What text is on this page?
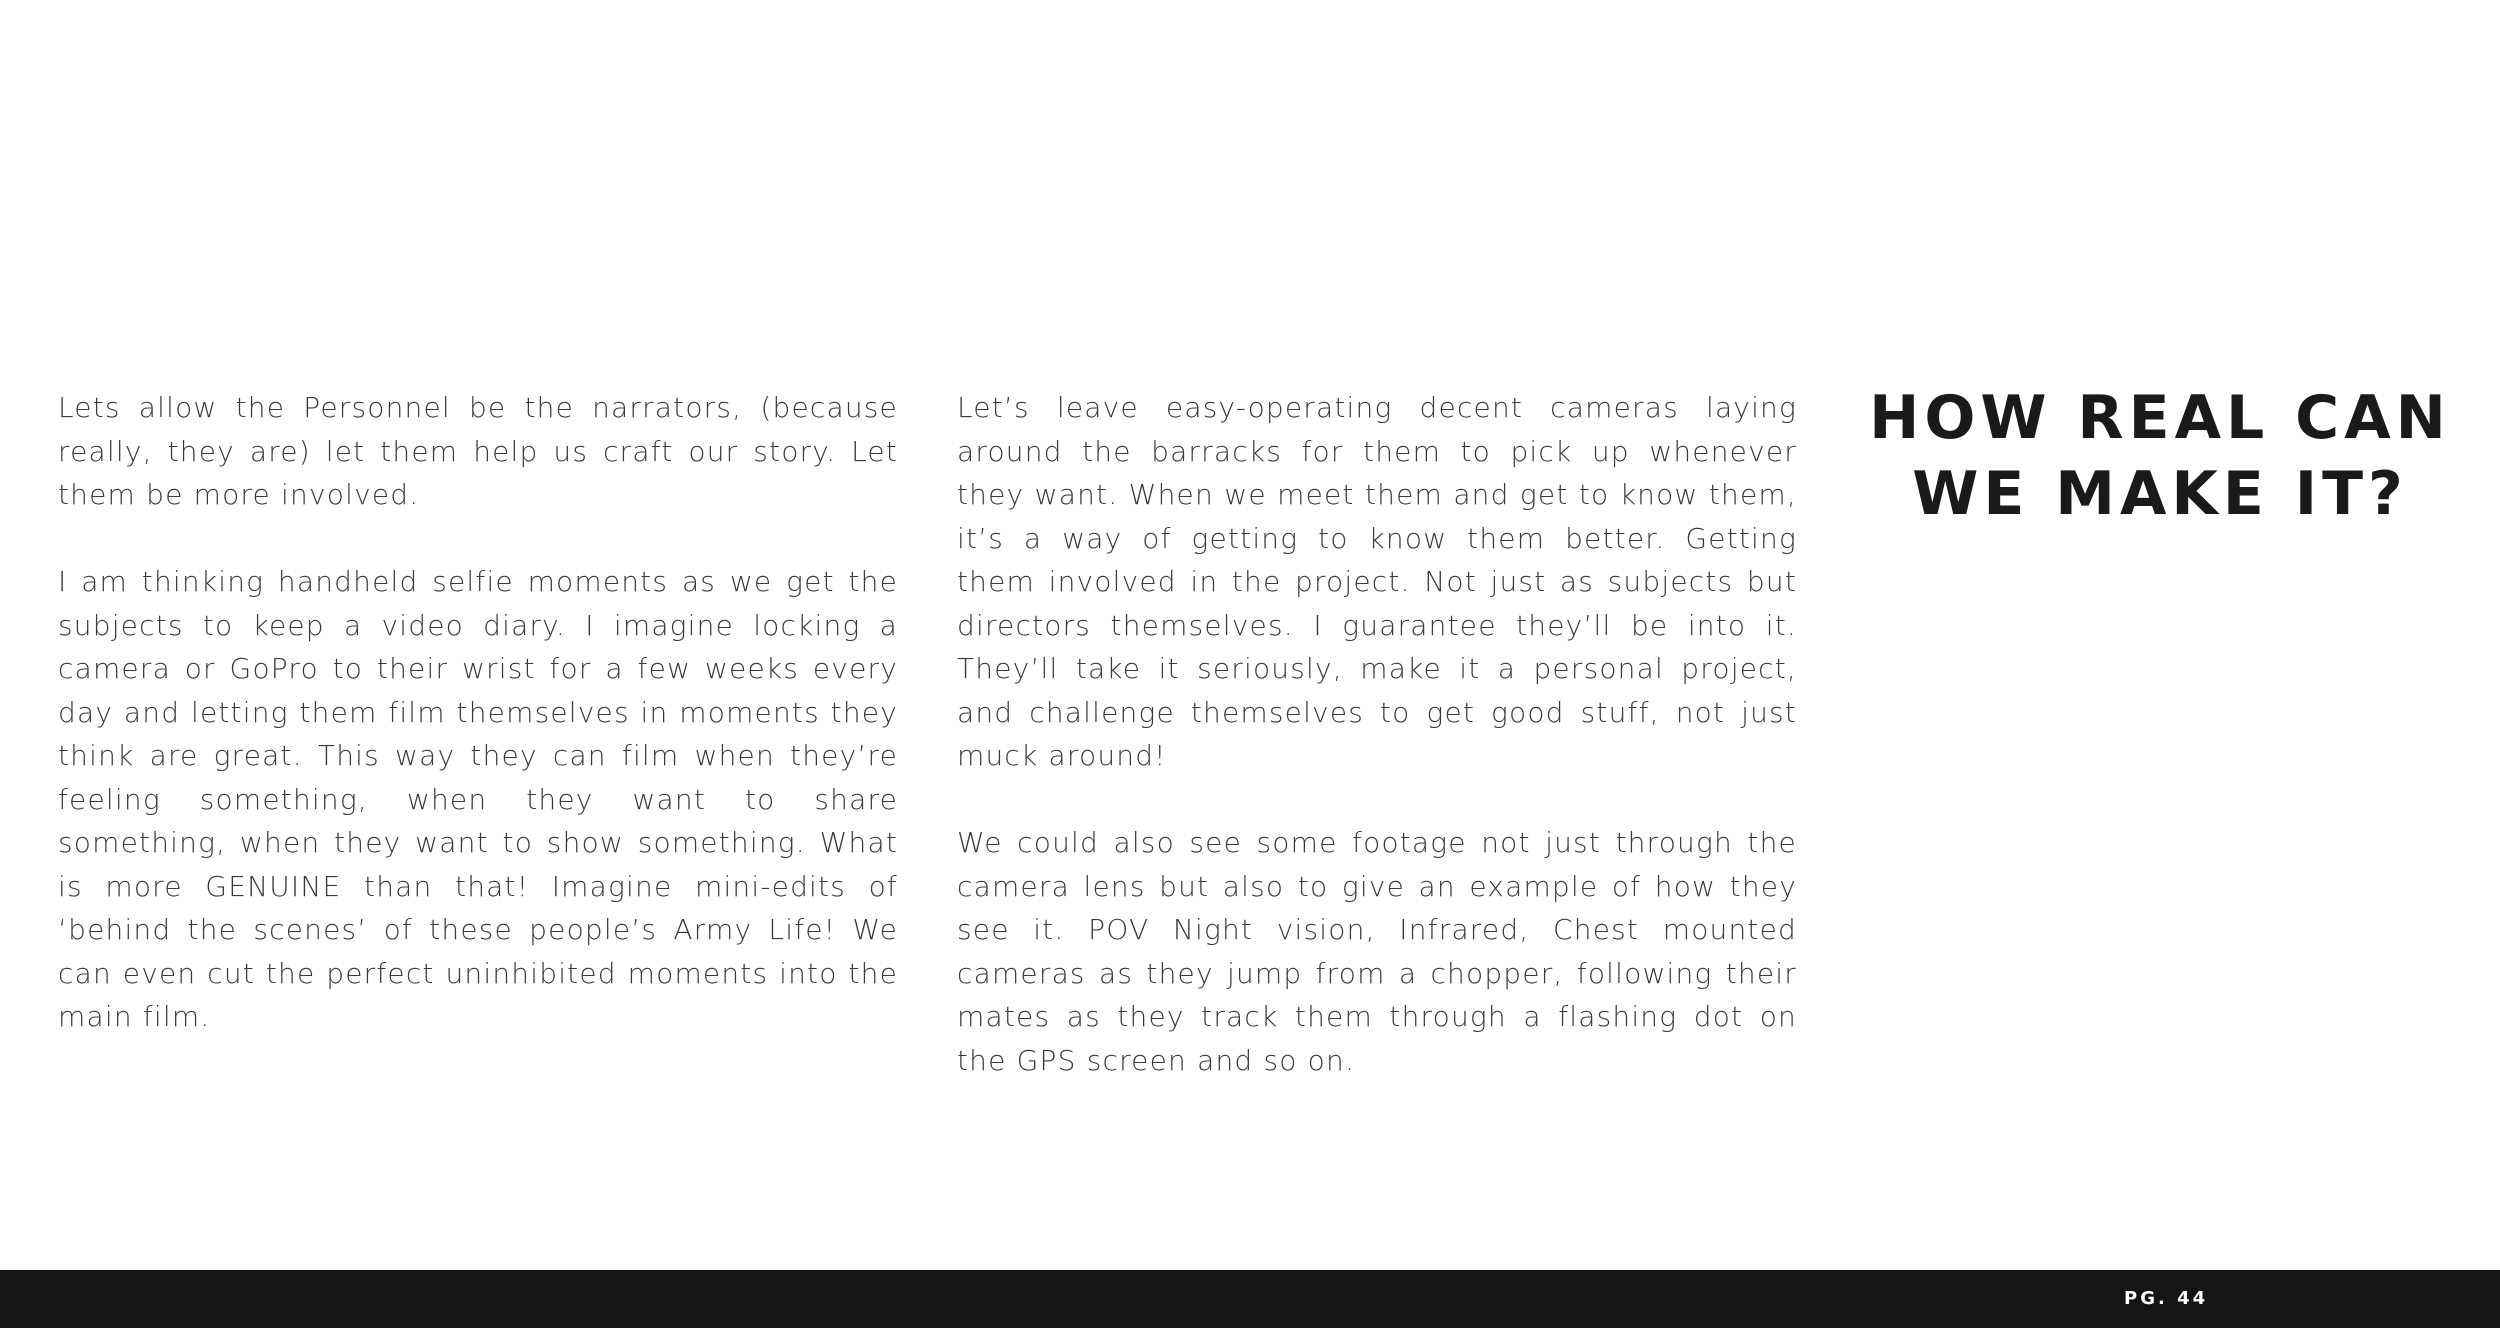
Lets allow the Personnel be the narrators, (because really, they are) let them help us craft our story. Let them be more involved.

I am thinking handheld selfie moments as we get the subjects to keep a video diary. I imagine locking a camera or GoPro to their wrist for a few weeks every day and letting them film themselves in moments they think are great. This way they can film when they’re feeling something, when they want to share something, when they want to show something. What is more GENUINE than that! Imagine mini-edits of ‘behind the scenes’ of these people’s Army Life! We can even cut the perfect uninhibited moments into the main film.

Let’s leave easy-operating decent cameras laying around the barracks for them to pick up whenever they want. When we meet them and get to know them, it’s a way of getting to know them better. Getting them involved in the project. Not just as subjects but directors themselves. I guarantee they’ll be into it. They’ll take it seriously, make it a personal project, and challenge themselves to get good stuff, not just muck around!

We could also see some footage not just through the camera lens but also to give an example of how they see it. POV Night vision, Infrared, Chest mounted cameras as they jump from a chopper, following their mates as they track them through a flashing dot on the GPS screen and so on.

HOW REAL CAN
WE MAKE IT?
PG. 44
